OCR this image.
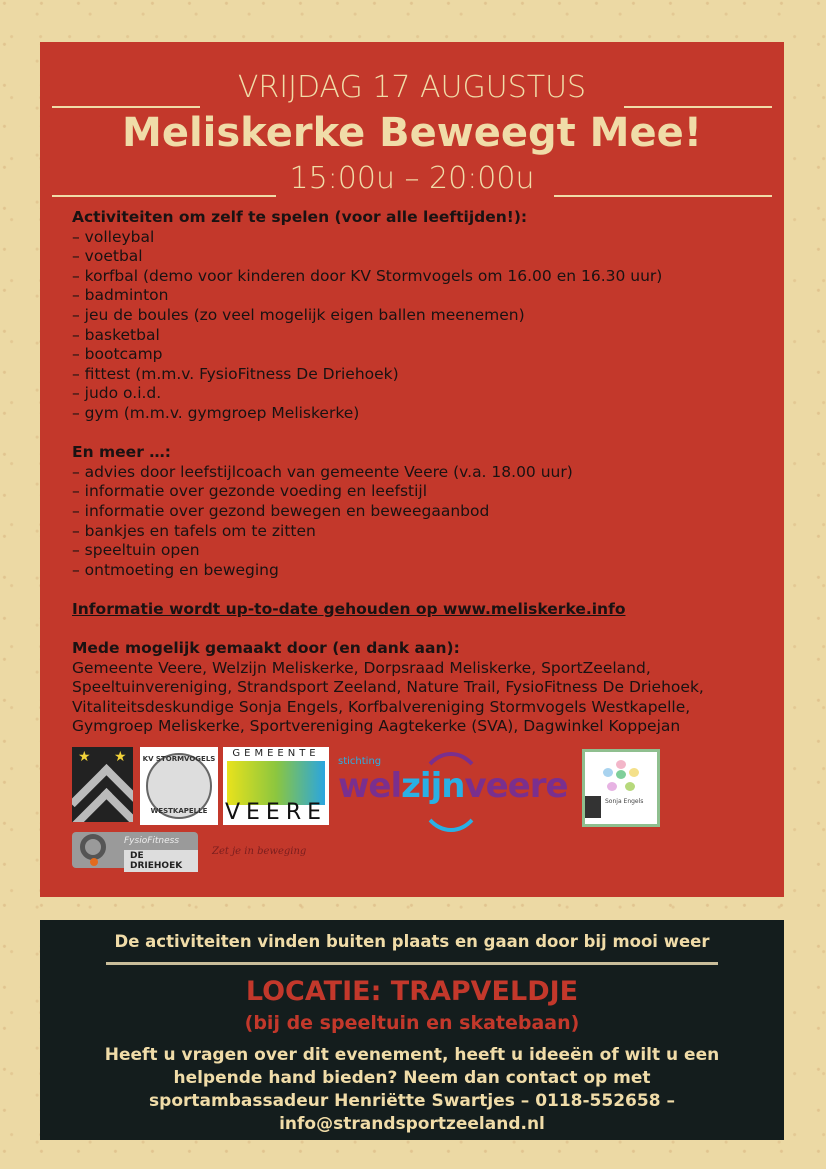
VRIJDAG 17 AUGUSTUS
Meliskerke Beweegt Mee!
15:00u – 20:00u
Activiteiten om zelf te spelen (voor alle leeftijden!):
– volleybal
– voetbal
– korfbal (demo voor kinderen door KV Stormvogels om 16.00 en 16.30 uur)
– badminton
– jeu de boules (zo veel mogelijk eigen ballen meenemen)
– basketbal
– bootcamp
– fittest (m.m.v. FysioFitness De Driehoek)
– judo o.i.d.
– gym (m.m.v. gymgroep Meliskerke)
En meer …:
– advies door leefstijlcoach van gemeente Veere (v.a. 18.00 uur)
– informatie over gezonde voeding en leefstijl
– informatie over gezond bewegen en beweegaanbod
– bankjes en tafels om te zitten
– speeltuin open
– ontmoeting en beweging
Informatie wordt up-to-date gehouden op www.meliskerke.info
Mede mogelijk gemaakt door (en dank aan):
Gemeente Veere, Welzijn Meliskerke, Dorpsraad Meliskerke, SportZeeland,
Speeltuinvereniging, Strandsport Zeeland, Nature Trail, FysioFitness De Driehoek,
Vitaliteitsdeskundige Sonja Engels, Korfbalvereniging Stormvogels Westkapelle,
Gymgroep Meliskerke, Sportvereniging Aagtekerke (SVA), Dagwinkel Koppejan
★ ★	KV STORMVOGELS
WESTKAPELLE
GEMEENTE
VEERE
stichting
welzijnveere	Sonja Engels
FysioFitness
DE DRIEHOEK
Zet je in beweging
De activiteiten vinden buiten plaats en gaan door bij mooi weer
LOCATIE: TRAPVELDJE
(bij de speeltuin en skatebaan)
Heeft u vragen over dit evenement, heeft u ideeën of wilt u een
helpende hand bieden? Neem dan contact op met
sportambassadeur Henriëtte Swartjes – 0118-552658 –
info@strandsportzeeland.nl
